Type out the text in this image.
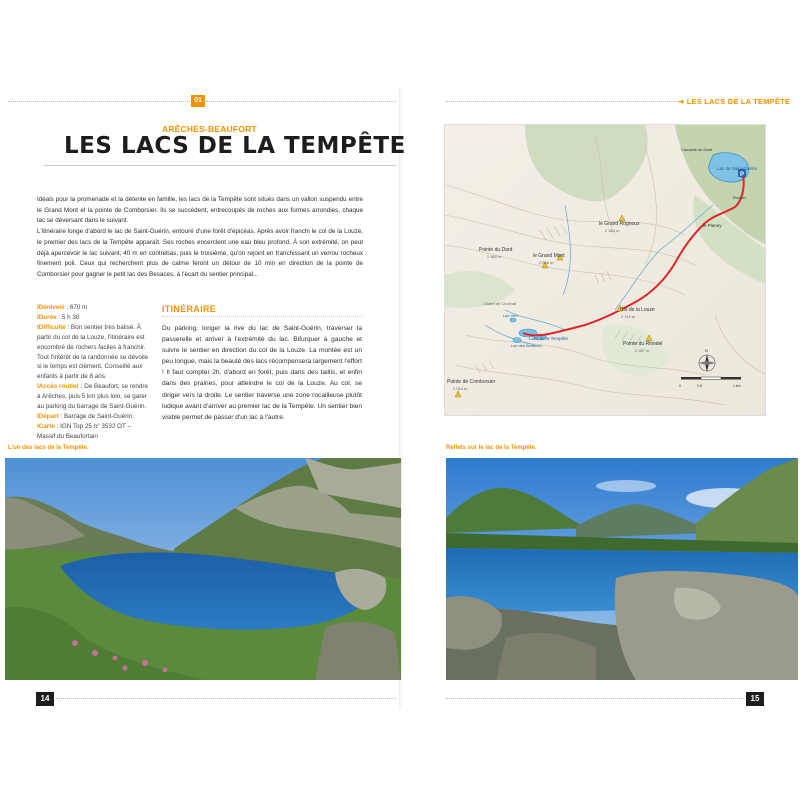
01	➜ LES LACS DE LA TEMPÊTE
ARÊCHES-BEAUFORT
LES LACS DE LA TEMPÊTE

Idéals pour la promenade et la détente en famille, les lacs de la Tempête sont situés dans un vallon suspendu entre le Grand Mont et la pointe de Comborsier. Ils se succèdent, entrecoupés de roches aux formes arrondies, chaque lac se déversant dans le suivant.

L'itinéraire longe d'abord le lac de Saint-Guérin, entouré d'une forêt d'épicéas. Après avoir franchi le col de la Louze, le premier des lacs de la Tempête apparaît. Ses roches encerclent une eau bleu profond. À son extrémité, on peut déjà apercevoir le lac suivant, 40 m en contrebas, puis le troisième, qu'on rejoint en franchissant un verrou rocheux finement poli. Ceux qui recherchent plus de calme feront un détour de 10 min en direction de la pointe de Comborsier pour gagner le petit lac des Besaces, à l'écart du sentier principal...

IDénivelé : 670 m
IDurée : 5 h 30
IDifficulté : Bon sentier très balisé. À partir du col de la Louze, l'itinéraire est encombré de rochers faciles à franchir. Tout l'intérêt de la randonnée se dévoile si le temps est clément. Conseillé aux enfants à partir de 8 ans.
IAccès routier : De Beaufort, se rendre à Arêches, puis 5 km plus loin, se garer au parking du barrage de Saint-Guérin.
IDépart : Barrage de Saint-Guérin.
ICarte : IGN Top 25 n° 3532 OT – Massif du Beaufortain
ITINÉRAIRE
Du parking, longer la rive du lac de Saint-Guérin, traverser la passerelle et arriver à l'extrémité du lac. Bifurquer à gauche et suivre le sentier en direction du col de la Louze. La montée est un peu longue, mais la beauté des lacs récompensera largement l'effort ! Il faut compter 2h, d'abord en forêt, puis dans des taillis, et enfin dans des prairies, pour atteindre le col de la Louze. Au col, se diriger vers la droite. Le sentier traverse une zone rocailleuse plutôt ludique avant d'arriver au premier lac de la Tempête. Un sentier bien visible permet de passer d'un lac à l'autre.
P
Lac de Saint-Guérin
Cascade du Dard
le Grand Rognoux
2 364 m
le Planey
Rocher
Pointe du Dard
2 460 m	le Grand Mont
2 686 m
Col de la Louze
2 119 m
Chalet de Cholmat
Lac Vert
Lacs de la Tempête
Lac des Besaces	Pointe du Riondel
2 357 m
Pointe de Comborsier
2 514 m	0	0,5	1 km
N
L'un des lacs de la Tempête.	Reflets sur le lac de la Tempête.
14	15
